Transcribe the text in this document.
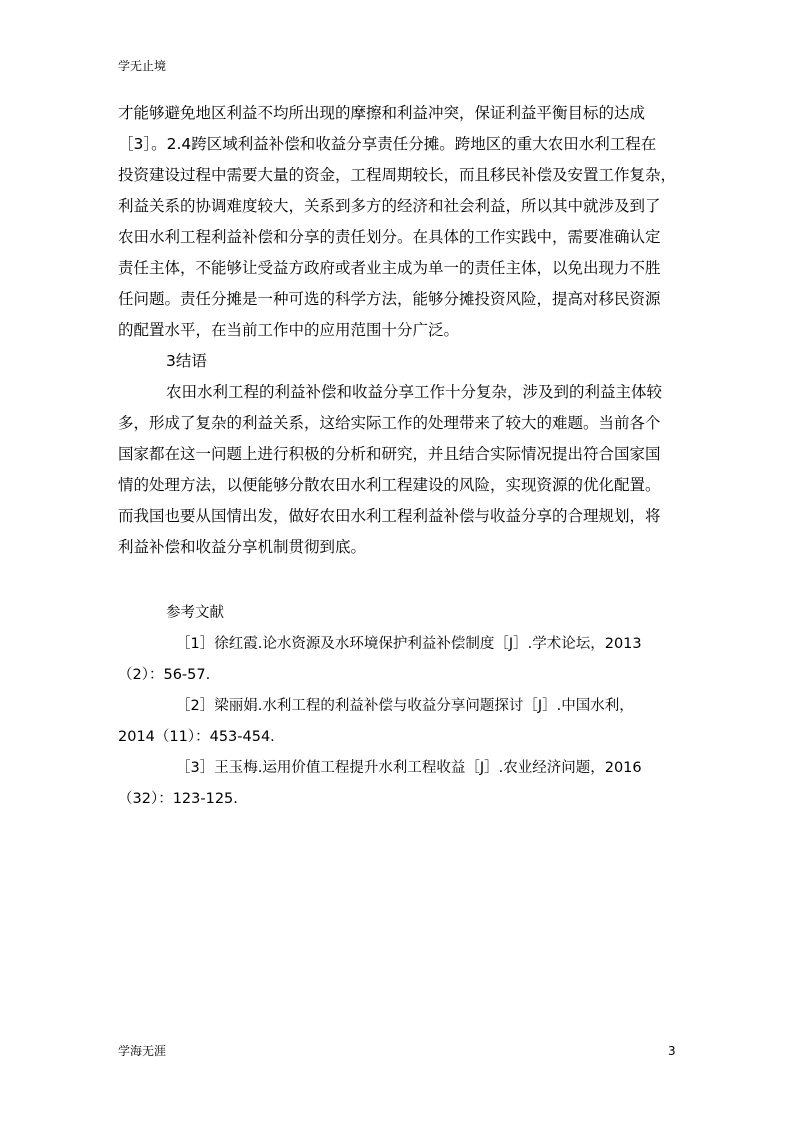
学无止境
才能够避免地区利益不均所出现的摩擦和利益冲突，保证利益平衡目标的达成
［3］。2.4跨区域利益补偿和收益分享责任分摊。跨地区的重大农田水利工程在
投资建设过程中需要大量的资金，工程周期较长，而且移民补偿及安置工作复杂，
利益关系的协调难度较大，关系到多方的经济和社会利益，所以其中就涉及到了
农田水利工程利益补偿和分享的责任划分。在具体的工作实践中，需要准确认定
责任主体，不能够让受益方政府或者业主成为单一的责任主体，以免出现力不胜
任问题。责任分摊是一种可选的科学方法，能够分摊投资风险，提高对移民资源
的配置水平，在当前工作中的应用范围十分广泛。
3结语
农田水利工程的利益补偿和收益分享工作十分复杂，涉及到的利益主体较
多，形成了复杂的利益关系，这给实际工作的处理带来了较大的难题。当前各个
国家都在这一问题上进行积极的分析和研究，并且结合实际情况提出符合国家国
情的处理方法，以便能够分散农田水利工程建设的风险，实现资源的优化配置。
而我国也要从国情出发，做好农田水利工程利益补偿与收益分享的合理规划，将
利益补偿和收益分享机制贯彻到底。
参考文献
［1］徐红霞.论水资源及水环境保护利益补偿制度［J］.学术论坛，2013
（2）：56-57.
［2］梁丽娟.水利工程的利益补偿与收益分享问题探讨［J］.中国水利，
2014（11）：453-454.
［3］王玉梅.运用价值工程提升水利工程收益［J］.农业经济问题，2016
（32）：123-125.
学海无涯	3
